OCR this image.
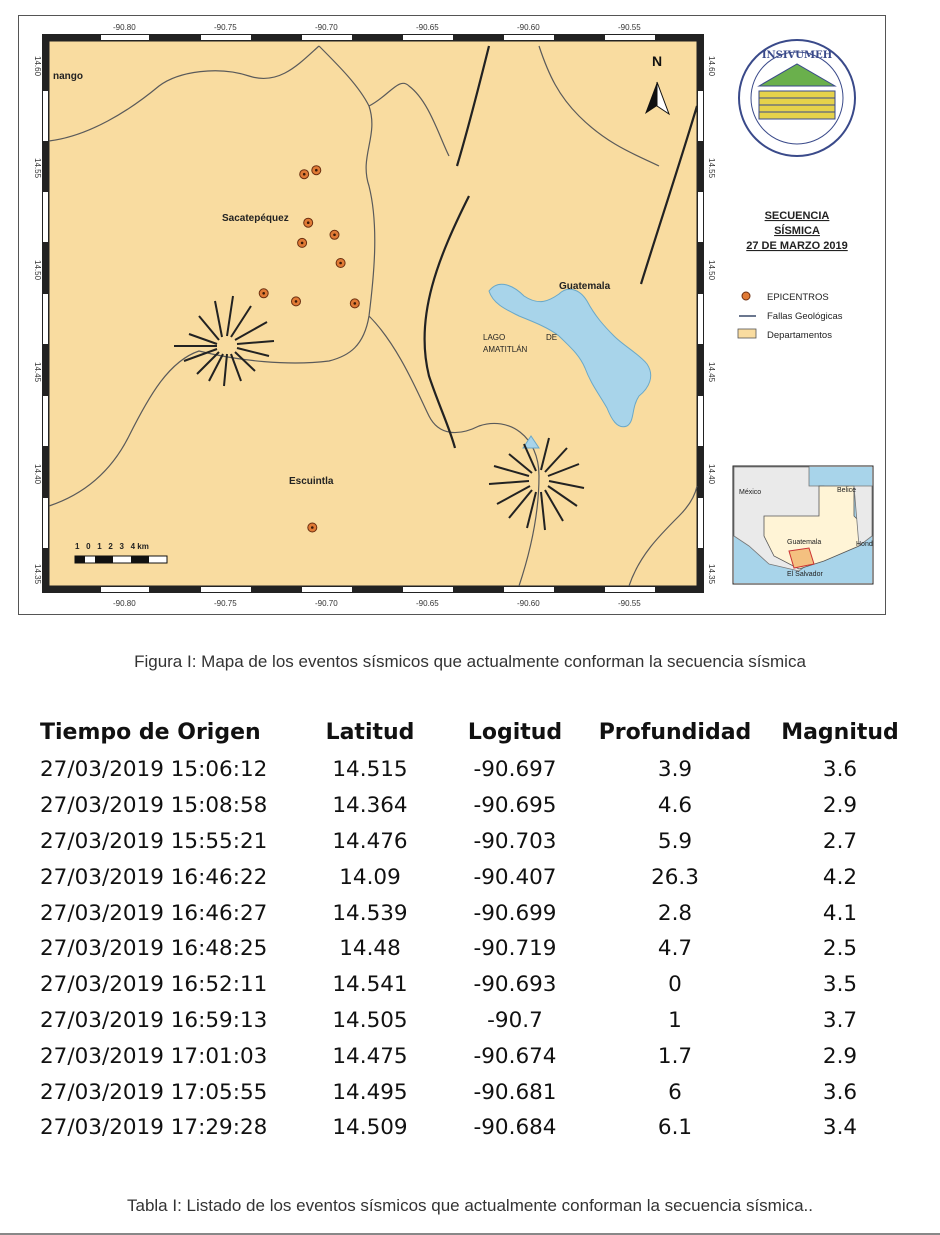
-90.80	-90.75	-90.70	-90.65	-90.60	-90.55
-90.80	-90.75	-90.70	-90.65	-90.60	-90.55
14.60
14.55
14.50
14.45
14.40
14.35
14.60
14.55
14.50
14.45
14.40
14.35
nango
Sacatepéquez
Guatemala
Escuintla
LAGO	DE
AMATITLÁN
N
1   0   1   2   3   4 km
INSIVUMEH
SECUENCIA
SÍSMICA
27 DE MARZO 2019
EPICENTROS
Fallas Geológicas
Departamentos
México	Belice
Hond
Guatemala
El Salvador
Figura I: Mapa de los eventos sísmicos que actualmente conforman la secuencia sísmica
Tiempo de Origen	Latitud	Logitud	Profundidad	Magnitud
27/03/2019 15:06:12	14.515	-90.697	3.9	3.6
27/03/2019 15:08:58	14.364	-90.695	4.6	2.9
27/03/2019 15:55:21	14.476	-90.703	5.9	2.7
27/03/2019 16:46:22	14.09	-90.407	26.3	4.2
27/03/2019 16:46:27	14.539	-90.699	2.8	4.1
27/03/2019 16:48:25	14.48	-90.719	4.7	2.5
27/03/2019 16:52:11	14.541	-90.693	0	3.5
27/03/2019 16:59:13	14.505	-90.7	1	3.7
27/03/2019 17:01:03	14.475	-90.674	1.7	2.9
27/03/2019 17:05:55	14.495	-90.681	6	3.6
27/03/2019 17:29:28	14.509	-90.684	6.1	3.4
Tabla I: Listado de los eventos sísmicos que actualmente conforman la secuencia sísmica..
